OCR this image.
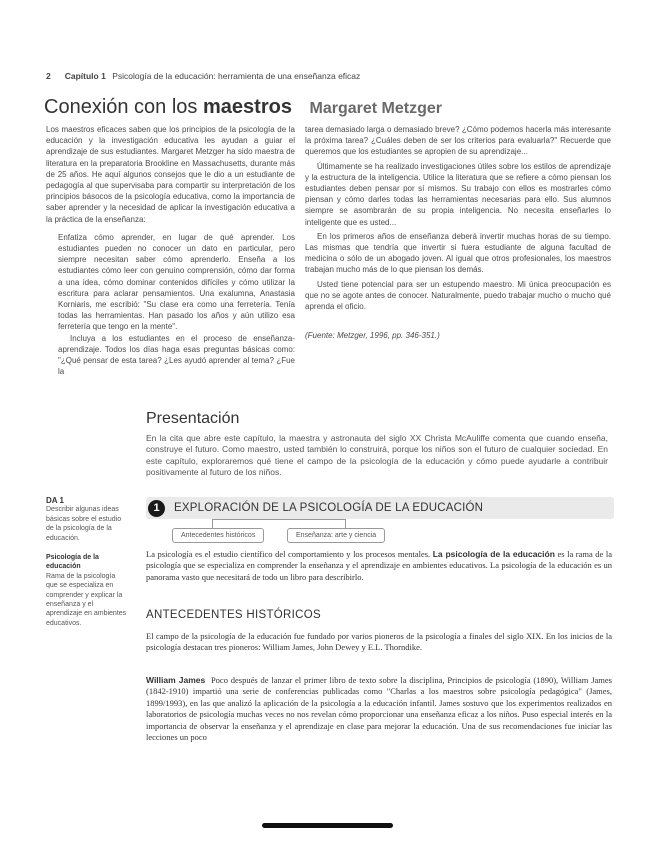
2 Capítulo 1 Psicología de la educación: herramienta de una enseñanza eficaz
Conexión con los maestros Margaret Metzger

Los maestros eficaces saben que los principios de la psicología de la educación y la investigación educativa les ayudan a guiar el aprendizaje de sus estudiantes. Margaret Metzger ha sido maestra de literatura en la preparatoria Brookline en Massachusetts, durante más de 25 años. He aquí algunos consejos que le dio a un estudiante de pedagogía al que supervisaba para compartir su interpretación de los principios básocos de la psicología educativa, como la importancia de saber aprender y la necesidad de aplicar la investigación educativa a la práctica de la enseñanza:

Enfatiza cómo aprender, en lugar de qué aprender. Los estudiantes pueden no conocer un dato en particular, pero siempre necesitan saber cómo aprenderlo. Enseña a los estudiantes cómo leer con genuino comprensión, cómo dar forma a una idea, cómo dominar contenidos difíciles y cómo utilizar la escritura para aclarar pensamientos. Una exalumna, Anastasia Korniaris, me escribió: "Su clase era como una ferretería. Tenía todas las herramientas. Han pasado los años y aún utilizo esa ferretería que tengo en la mente".

Incluya a los estudiantes en el proceso de enseñanza-aprendizaje. Todos los días haga esas preguntas básicas como: "¿Qué pensar de esta tarea? ¿Les ayudó aprender al tema? ¿Fue la

tarea demasiado larga o demasiado breve? ¿Cómo podemos hacerla más interesante la próxima tarea? ¿Cuáles deben de ser los criterios para evaluarla?" Recuerde que queremos que los estudiantes se apropien de su aprendizaje...

Últimamente se ha realizado investigaciones útiles sobre los estilos de aprendizaje y la estructura de la inteligencia. Utilice la literatura que se refiere a cómo piensan los estudiantes deben pensar por sí mismos. Su trabajo con ellos es mostrarles cómo piensan y cómo darles todas las herramientas necesarias para ello. Sus alumnos siempre se asombrarán de su propia inteligencia. No necesita enseñarles lo inteligente que es usted...

En los primeros años de enseñanza deberá invertir muchas horas de su tiempo. Las mismas que tendría que invertir si fuera estudiante de alguna facultad de medicina o sólo de un abogado joven. Al igual que otros profesionales, los maestros trabajan mucho más de lo que piensan los demás.

Usted tiene potencial para ser un estupendo maestro. Mi única preocupación es que no se agote antes de conocer. Naturalmente, puedo trabajar mucho o mucho qué aprenda el oficio.

(Fuente: Metzger, 1996, pp. 346-351.)

Presentación

En la cita que abre este capítulo, la maestra y astronauta del siglo XX Christa McAuliffe comenta que cuando enseña, construye el futuro. Como maestro, usted también lo construirá, porque los niños son el futuro de cualquier sociedad. En este capítulo, exploraremos qué tiene el campo de la psicología de la educación y cómo puede ayudarle a contribuir positivamente al futuro de los niños.

DA 1
Describir algunas ideas básicas sobre el estudio de la psicología de la educación.
Psicología de la educación
Rama de la psicología que se especializa en comprender y explicar la enseñanza y el aprendizaje en ambientes educativos.
1	EXPLORACIÓN DE LA PSICOLOGÍA DE LA EDUCACIÓN
Antecedentes históricos	Enseñanza: arte y ciencia

La psicología es el estudio científico del comportamiento y los procesos mentales. La psicología de la educación es la rama de la psicología que se especializa en comprender la enseñanza y el aprendizaje en ambientes educativos. La psicología de la educación es un panorama vasto que necesitará de todo un libro para describirlo.

ANTECEDENTES HISTÓRICOS

El campo de la psicología de la educación fue fundado por varios pioneros de la psicología a finales del siglo XIX. En los inicios de la psicología destacan tres pioneros: William James, John Dewey y E.L. Thorndike.

William James Poco después de lanzar el primer libro de texto sobre la disciplina, Principios de psicología (1890), William James (1842-1910) impartió una serie de conferencias publicadas como "Charlas a los maestros sobre psicología pedagógica" (James, 1899/1993), en las que analizó la aplicación de la psicología a la educación infantil. James sostuvo que los experimentos realizados en laboratorios de psicología muchas veces no nos revelan cómo proporcionar una enseñanza eficaz a los niños. Puso especial interés en la importancia de observar la enseñanza y el aprendizaje en clase para mejorar la educación. Una de sus recomendaciones fue iniciar las lecciones un poco
